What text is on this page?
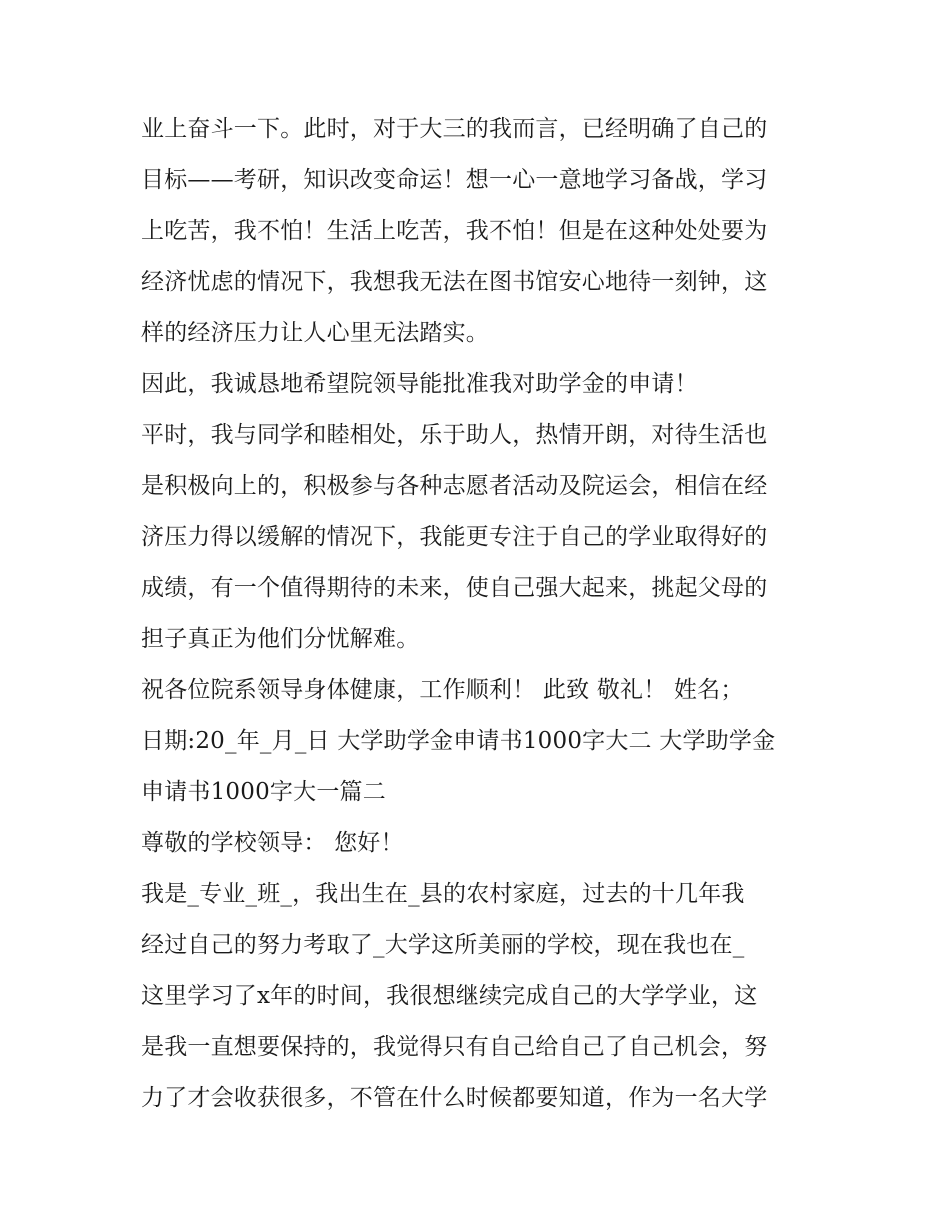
业上奋斗一下。此时，对于大三的我而言，已经明确了自己的
目标——考研，知识改变命运！想一心一意地学习备战，学习
上吃苦，我不怕！生活上吃苦，我不怕！但是在这种处处要为
经济忧虑的情况下，我想我无法在图书馆安心地待一刻钟，这
样的经济压力让人心里无法踏实。
因此，我诚恳地希望院领导能批准我对助学金的申请！
平时，我与同学和睦相处，乐于助人，热情开朗，对待生活也
是积极向上的，积极参与各种志愿者活动及院运会，相信在经
济压力得以缓解的情况下，我能更专注于自己的学业取得好的
成绩，有一个值得期待的未来，使自己强大起来，挑起父母的
担子真正为他们分忧解难。
祝各位院系领导身体健康，工作顺利！ 此致 敬礼！ 姓名；
日期:20_年_月_日 大学助学金申请书1000字大二 大学助学金
申请书1000字大一篇二
尊敬的学校领导： 您好！
我是_专业_班_，我出生在_县的农村家庭，过去的十几年我
经过自己的努力考取了_大学这所美丽的学校，现在我也在_
这里学习了x年的时间，我很想继续完成自己的大学学业，这
是我一直想要保持的，我觉得只有自己给自己了自己机会，努
力了才会收获很多，不管在什么时候都要知道，作为一名大学
